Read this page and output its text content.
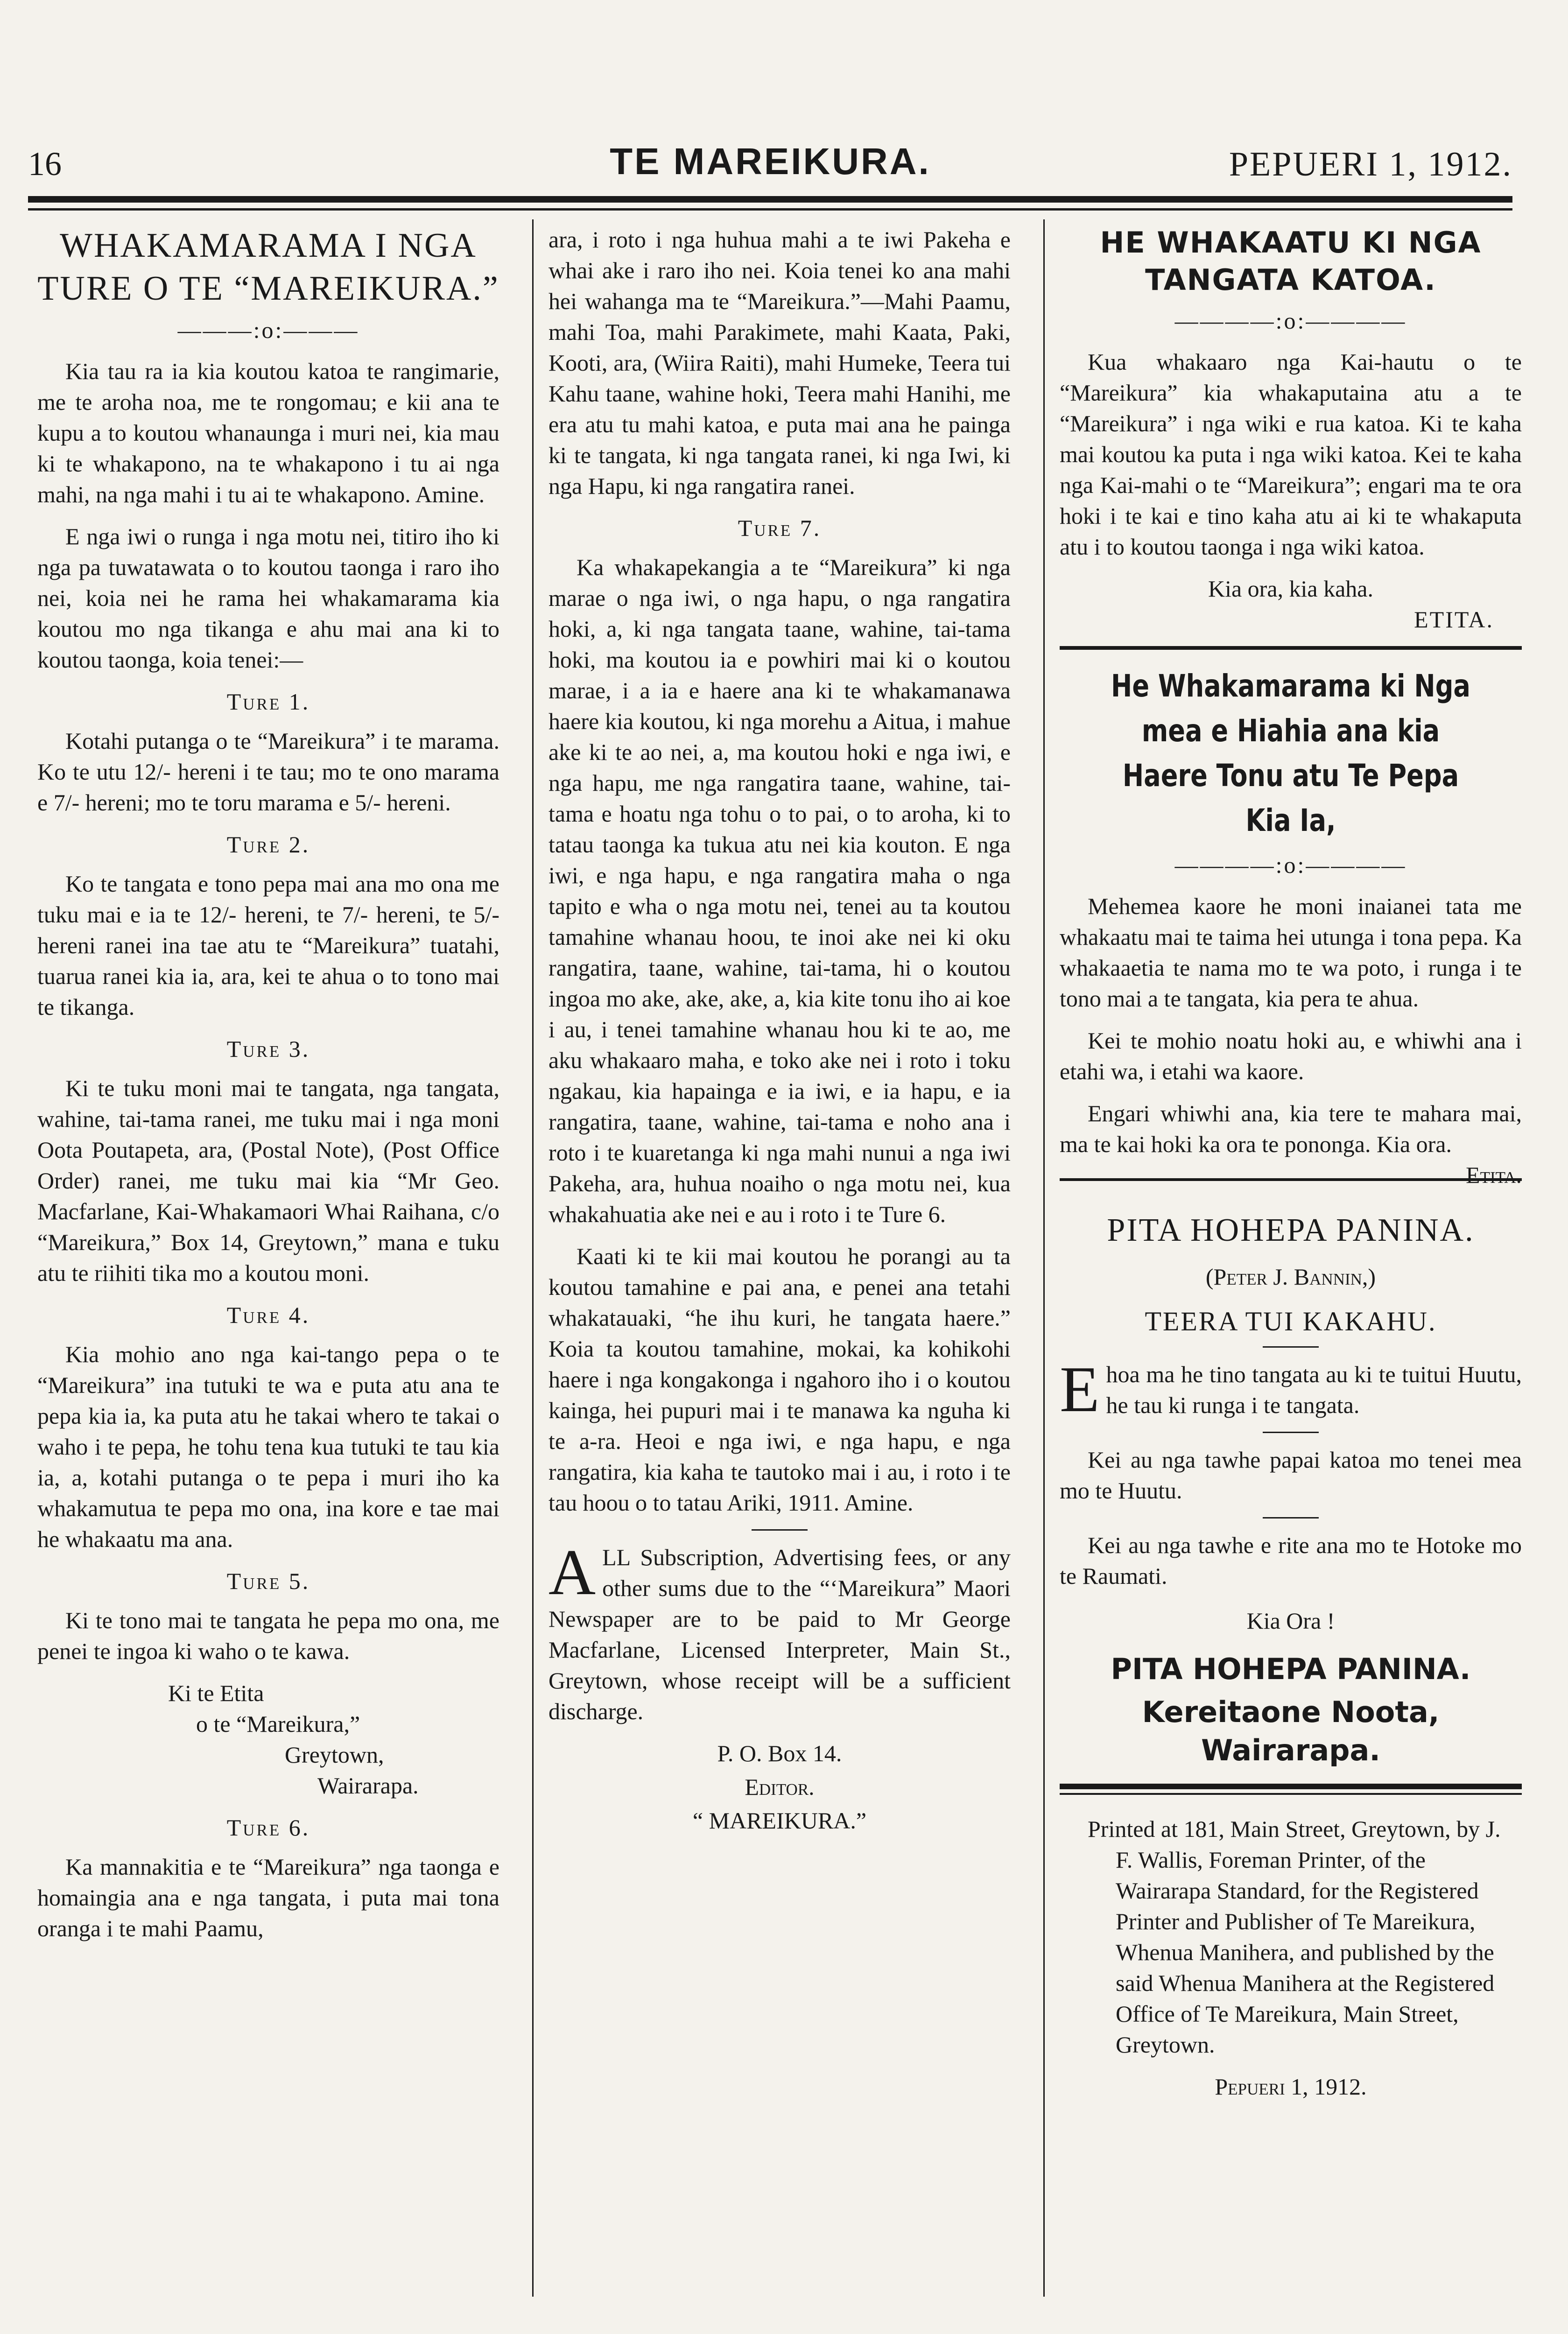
16	TE MAREIKURA.	PEPUERI 1, 1912.
WHAKAMARAMA I NGA TURE O TE “MAREIKURA.”
———:o:———

Kia tau ra ia kia koutou katoa te rangimarie, me te aroha noa, me te rongomau; e kii ana te kupu a to koutou whanaunga i muri nei, kia mau ki te whakapono, na te whakapono i tu ai nga mahi, na nga mahi i tu ai te whakapono. Amine.

E nga iwi o runga i nga motu nei, titiro iho ki nga pa tuwatawata o to koutou taonga i raro iho nei, koia nei he rama hei whakamarama kia koutou mo nga tikanga e ahu mai ana ki to koutou taonga, koia tenei:—

Ture 1.

Kotahi putanga o te “Mareikura” i te marama. Ko te utu 12/- hereni i te tau; mo te ono marama e 7/- hereni; mo te toru marama e 5/- hereni.

Ture 2.

Ko te tangata e tono pepa mai ana mo ona me tuku mai e ia te 12/- hereni, te 7/- hereni, te 5/- hereni ranei ina tae atu te “Mareikura” tuatahi, tuarua ranei kia ia, ara, kei te ahua o to tono mai te tikanga.

Ture 3.

Ki te tuku moni mai te tangata, nga tangata, wahine, tai-tama ranei, me tuku mai i nga moni Oota Poutapeta, ara, (Postal Note), (Post Office Order) ranei, me tuku mai kia “Mr Geo. Macfarlane, Kai-Whakamaori Whai Raihana, c/o “Mareikura,” Box 14, Greytown,” mana e tuku atu te riihiti tika mo a koutou moni.

Ture 4.

Kia mohio ano nga kai-tango pepa o te “Mareikura” ina tutuki te wa e puta atu ana te pepa kia ia, ka puta atu he takai whero te takai o waho i te pepa, he tohu tena kua tutuki te tau kia ia, a, kotahi putanga o te pepa i muri iho ka whakamutua te pepa mo ona, ina kore e tae mai he whakaatu ma ana.

Ture 5.

Ki te tono mai te tangata he pepa mo ona, me penei te ingoa ki waho o te kawa.

Ki te Etita

o te “Mareikura,”

Greytown,

Wairarapa.

Ture 6.

Ka mannakitia e te “Mareikura” nga taonga e homaingia ana e nga tangata, i puta mai tona oranga i te mahi Paamu,

ara, i roto i nga huhua mahi a te iwi Pakeha e whai ake i raro iho nei. Koia tenei ko ana mahi hei wahanga ma te “Mareikura.”—Mahi Paamu, mahi Toa, mahi Parakimete, mahi Kaata, Paki, Kooti, ara, (Wiira Raiti), mahi Humeke, Teera tui Kahu taane, wahine hoki, Teera mahi Hanihi, me era atu tu mahi katoa, e puta mai ana he painga ki te tangata, ki nga tangata ranei, ki nga Iwi, ki nga Hapu, ki nga rangatira ranei.

Ture 7.

Ka whakapekangia a te “Mareikura” ki nga marae o nga iwi, o nga hapu, o nga rangatira hoki, a, ki nga tangata taane, wahine, tai-tama hoki, ma koutou ia e powhiri mai ki o koutou marae, i a ia e haere ana ki te whakamanawa haere kia koutou, ki nga morehu a Aitua, i mahue ake ki te ao nei, a, ma koutou hoki e nga iwi, e nga hapu, me nga rangatira taane, wahine, tai-tama e hoatu nga tohu o to pai, o to aroha, ki to tatau taonga ka tukua atu nei kia kouton. E nga iwi, e nga hapu, e nga rangatira maha o nga tapito e wha o nga motu nei, tenei au ta koutou tamahine whanau hoou, te inoi ake nei ki oku rangatira, taane, wahine, tai-tama, hi o koutou ingoa mo ake, ake, ake, a, kia kite tonu iho ai koe i au, i tenei tamahine whanau hou ki te ao, me aku whakaaro maha, e toko ake nei i roto i toku ngakau, kia hapainga e ia iwi, e ia hapu, e ia rangatira, taane, wahine, tai-tama e noho ana i roto i te kuaretanga ki nga mahi nunui a nga iwi Pakeha, ara, huhua noaiho o nga motu nei, kua whakahuatia ake nei e au i roto i te Ture 6.

Kaati ki te kii mai koutou he porangi au ta koutou tamahine e pai ana, e penei ana tetahi whakatauaki, “he ihu kuri, he tangata haere.” Koia ta koutou tamahine, mokai, ka kohikohi haere i nga kongakonga i ngahoro iho i o koutou kainga, hei pupuri mai i te manawa ka nguha ki te a-ra. Heoi e nga iwi, e nga hapu, e nga rangatira, kia kaha te tautoko mai i au, i roto i te tau hoou o to tatau Ariki, 1911. Amine.

A LL Subscription, Advertising fees, or any other sums due to the “‘Mareikura” Maori Newspaper are to be paid to Mr George Macfarlane, Licensed Interpreter, Main St., Greytown, whose receipt will be a sufficient discharge.

P. O. Box 14.

Editor.

“ MAREIKURA.”

HE WHAKAATU KI NGA TANGATA KATOA.
————:o:————

Kua whakaaro nga Kai-hautu o te “Mareikura” kia whakaputaina atu a te “Mareikura” i nga wiki e rua katoa. Ki te kaha mai koutou ka puta i nga wiki katoa. Kei te kaha nga Kai-mahi o te “Mareikura”; engari ma te ora hoki i te kai e tino kaha atu ai ki te whakaputa atu i to koutou taonga i nga wiki katoa.

Kia ora, kia kaha.

ETITA.

He Whakamarama ki Nga mea e Hiahia ana kia Haere Tonu atu Te Pepa Kia Ia,
————:o:————

Mehemea kaore he moni inaianei tata me whakaatu mai te taima hei utunga i tona pepa. Ka whakaaetia te nama mo te wa poto, i runga i te tono mai a te tangata, kia pera te ahua.

Kei te mohio noatu hoki au, e whiwhi ana i etahi wa, i etahi wa kaore.

Engari whiwhi ana, kia tere te mahara mai, ma te kai hoki ka ora te pononga. Kia ora.
Etita.

PITA HOHEPA PANINA.
(Peter J. Bannin,)
TEERA TUI KAKAHU.
E hoa ma he tino tangata au ki te tuitui Huutu, he tau ki runga i te tangata.

Kei au nga tawhe papai katoa mo tenei mea mo te Huutu.

Kei au nga tawhe e rite ana mo te Hotoke mo te Raumati.

Kia Ora !

PITA HOHEPA PANINA.
Kereitaone Noota,
Wairarapa.

Printed at 181, Main Street, Greytown, by J. F. Wallis, Foreman Printer, of the Wairarapa Standard, for the Registered Printer and Publisher of Te Mareikura, Whenua Manihera, and published by the said Whenua Manihera at the Registered Office of Te Mareikura, Main Street, Greytown.

Pepueri 1, 1912.
